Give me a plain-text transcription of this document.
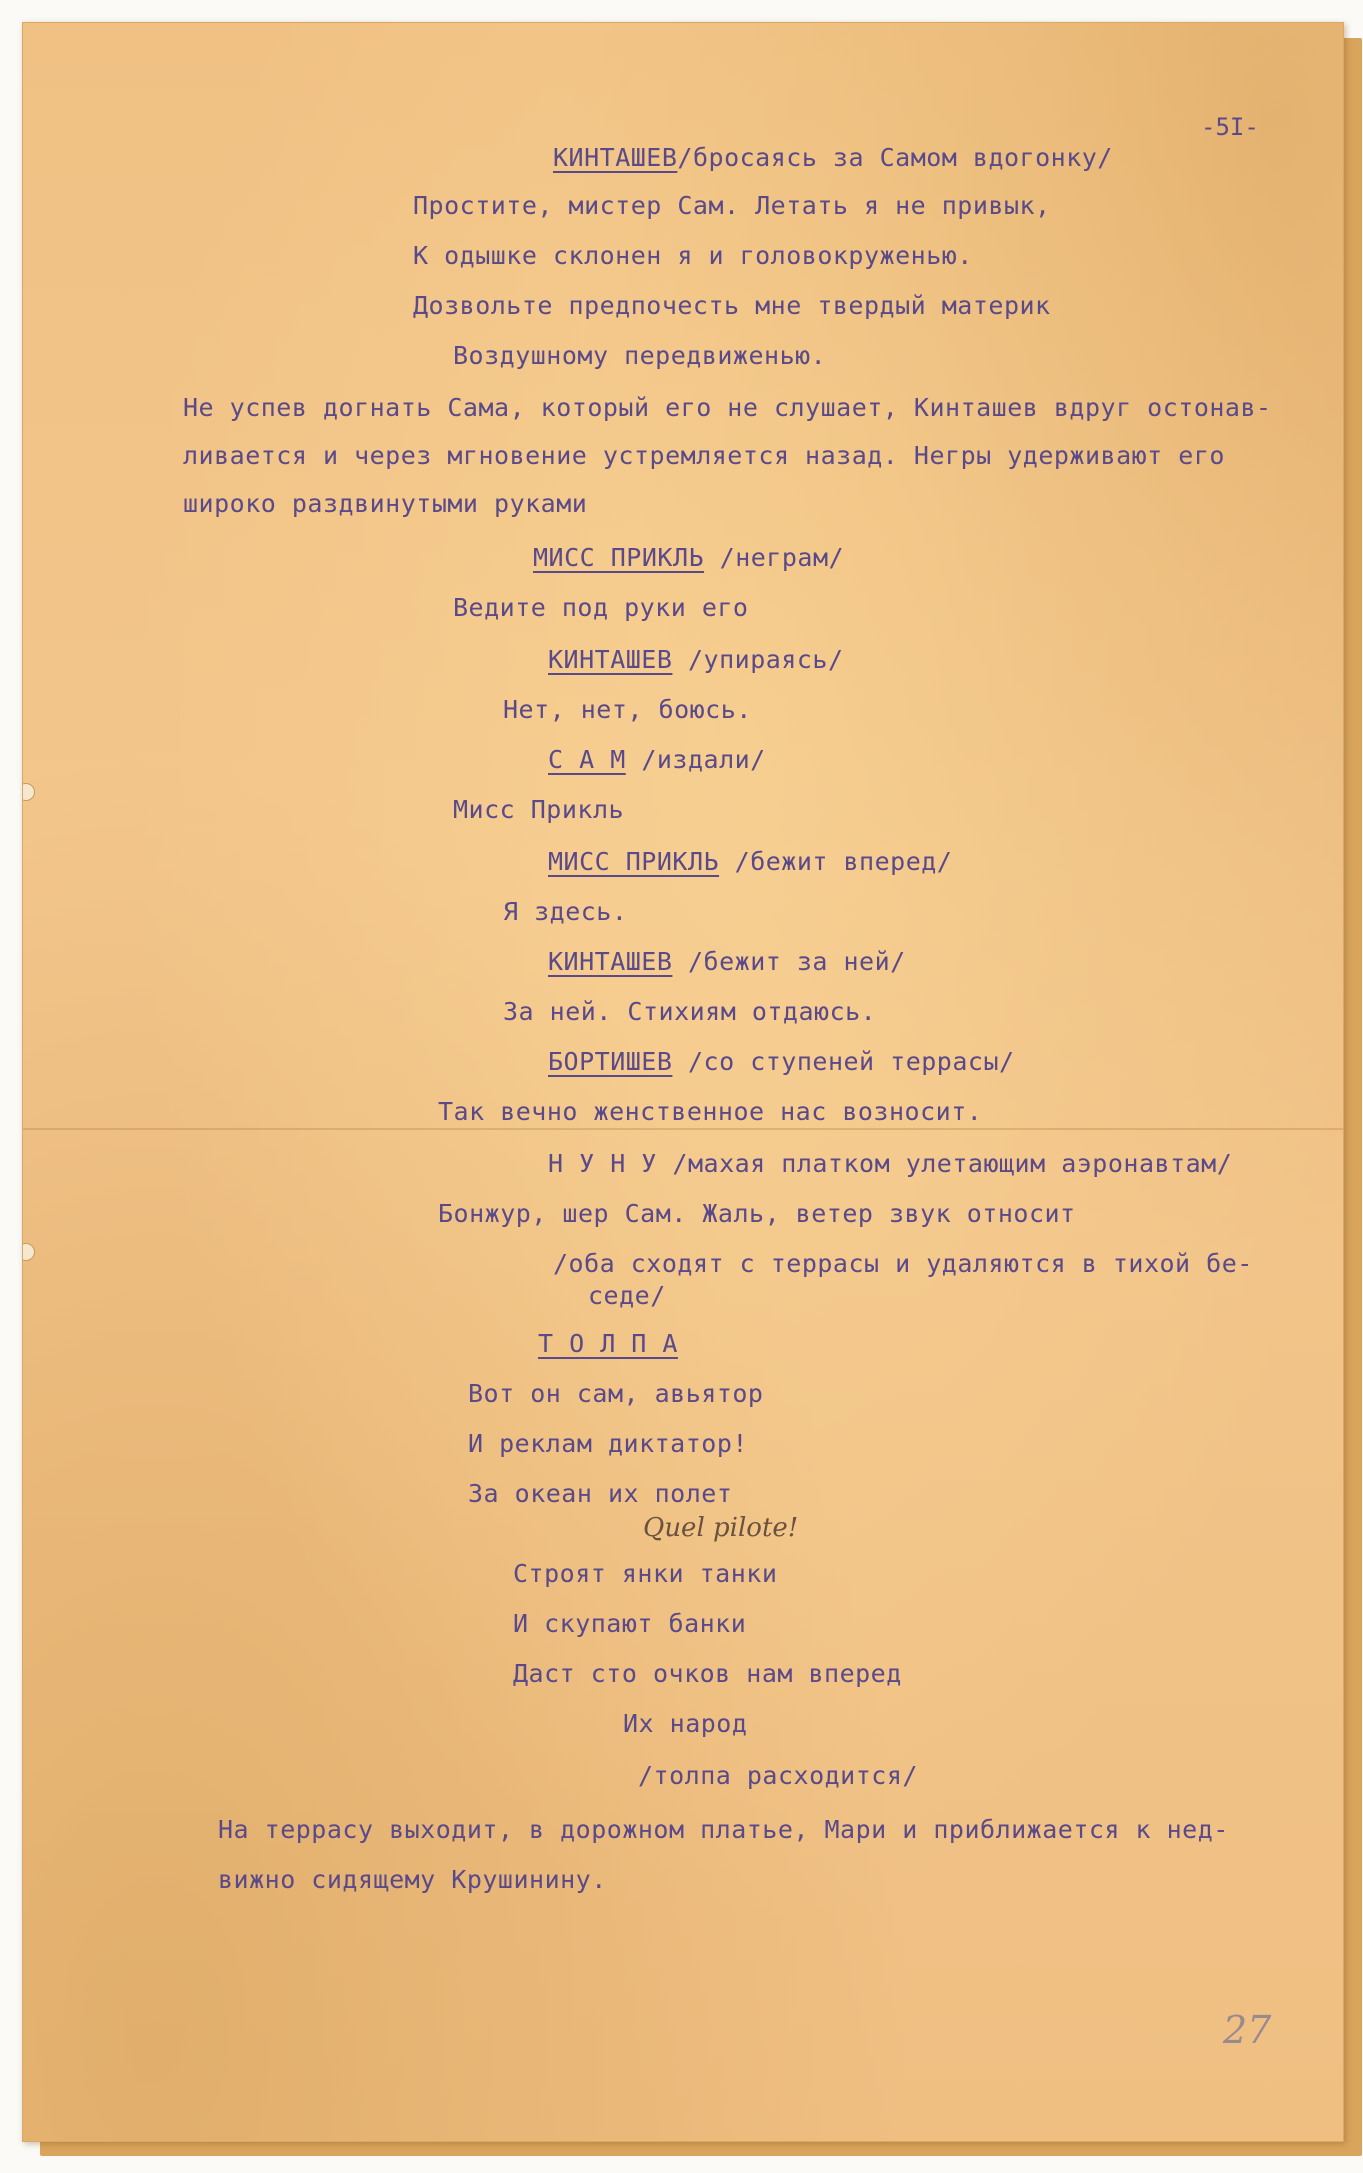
-5I-
КИНТАШЕВ/бросаясь за Самом вдогонку/
Простите, мистер Сам. Летать я не привык,
К одышке склонен я и головокруженью.
Дозвольте предпочесть мне твердый материк
Воздушному передвиженью.
Не успев догнать Сама, который его не слушает, Кинташев вдруг остонав-
ливается и через мгновение устремляется назад. Негры удерживают его
широко раздвинутыми руками
МИСС ПРИКЛЬ /неграм/
Ведите под руки его
КИНТАШЕВ /упираясь/
Нет, нет, боюсь.
С А М /издали/
Мисс Прикль
МИСС ПРИКЛЬ /бежит вперед/
Я здесь.
КИНТАШЕВ /бежит за ней/
За ней. Стихиям отдаюсь.
БОРТИШЕВ /со ступеней террасы/
Так вечно женственное нас возносит.
Н У Н У /махая платком улетающим аэронавтам/
Бонжур, шер Сам. Жаль, ветер звук относит
/оба сходят с террасы и удаляются в тихой бе-
седе/
Т О Л П А
Вот он сам, авьятор
И реклам диктатор!
За океан их полет
Quel pilote!
Строят янки танки
И скупают банки
Даст сто очков нам вперед
Их народ
/толпа расходится/
На террасу выходит, в дорожном платье, Мари и приближается к нед-
вижно сидящему Крушинину.
27
